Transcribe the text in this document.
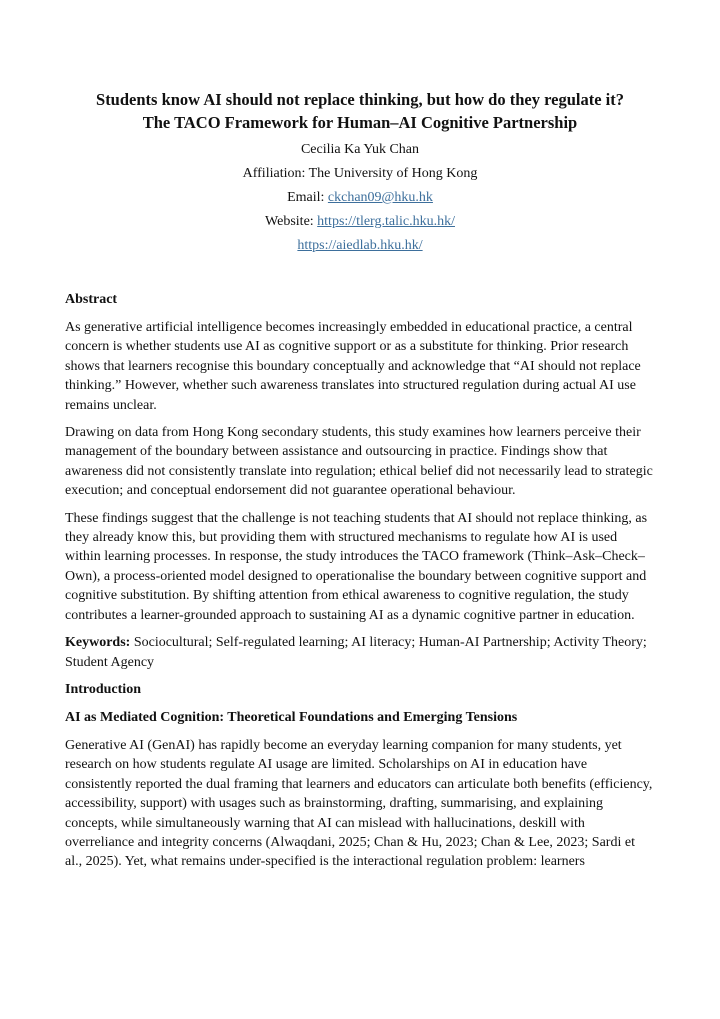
Students know AI should not replace thinking, but how do they regulate it?
The TACO Framework for Human–AI Cognitive Partnership
Cecilia Ka Yuk Chan
Affiliation: The University of Hong Kong
Email: ckchan09@hku.hk
Website: https://tlerg.talic.hku.hk/
https://aiedlab.hku.hk/
Abstract

As generative artificial intelligence becomes increasingly embedded in educational practice, a central concern is whether students use AI as cognitive support or as a substitute for thinking. Prior research shows that learners recognise this boundary conceptually and acknowledge that “AI should not replace thinking.” However, whether such awareness translates into structured regulation during actual AI use remains unclear.

Drawing on data from Hong Kong secondary students, this study examines how learners perceive their management of the boundary between assistance and outsourcing in practice. Findings show that awareness did not consistently translate into regulation; ethical belief did not necessarily lead to strategic execution; and conceptual endorsement did not guarantee operational behaviour.

These findings suggest that the challenge is not teaching students that AI should not replace thinking, as they already know this, but providing them with structured mechanisms to regulate how AI is used within learning processes. In response, the study introduces the TACO framework (Think–Ask–Check–Own), a process-oriented model designed to operationalise the boundary between cognitive support and cognitive substitution. By shifting attention from ethical awareness to cognitive regulation, the study contributes a learner-grounded approach to sustaining AI as a dynamic cognitive partner in education.

Keywords: Sociocultural; Self-regulated learning; AI literacy; Human-AI Partnership; Activity Theory; Student Agency

Introduction
AI as Mediated Cognition: Theoretical Foundations and Emerging Tensions

Generative AI (GenAI) has rapidly become an everyday learning companion for many students, yet research on how students regulate AI usage are limited. Scholarships on AI in education have consistently reported the dual framing that learners and educators can articulate both benefits (efficiency, accessibility, support) with usages such as brainstorming, drafting, summarising, and explaining concepts, while simultaneously warning that AI can mislead with hallucinations, deskill with overreliance and integrity concerns (Alwaqdani, 2025; Chan & Hu, 2023; Chan & Lee, 2023; Sardi et al., 2025). Yet, what remains under-specified is the interactional regulation problem: learners
